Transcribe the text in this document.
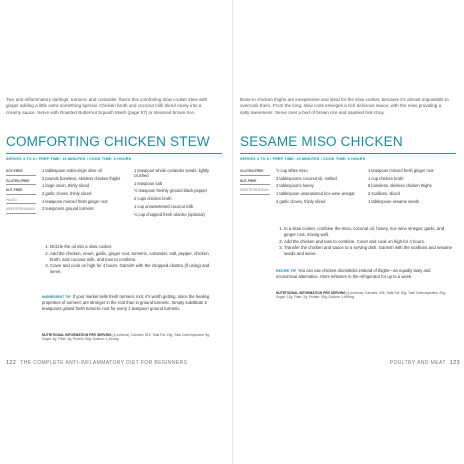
Two anti-inflammatory darlings, turmeric and coriander, flavor this comforting slow cooker stew with ginger adding a little extra something special. Chicken broth and coconut milk blend nicely into a creamy sauce. Serve with Roasted Butternut Squash Mash (page 57) or steamed brown rice.
COMFORTING CHICKEN STEW
SERVES 4 TO 6 / PREP TIME: 15 MINUTES / COOK TIME: 6 HOURS
SOY-FREE
GLUTEN-FREE
NUT-FREE
PALEO
MEDITERRANEAN
1 tablespoon extra-virgin olive oil
3 pounds boneless, skinless chicken thighs
1 large onion, thinly sliced
2 garlic cloves, thinly sliced
1 teaspoon minced fresh ginger root
2 teaspoons ground turmeric
1 teaspoon whole coriander seeds, lightly crushed
1 teaspoon salt
½ teaspoon freshly ground black pepper
2 cups chicken broth
1 cup unsweetened coconut milk
¼ cup chopped fresh cilantro (optional)
1. Drizzle the oil into a slow cooker.
2. Add the chicken, onion, garlic, ginger root, turmeric, coriander, salt, pepper, chicken broth, and coconut milk, and toss to combine.
3. Cover and cook on high for 4 hours. Garnish with the chopped cilantro (if using) and serve.
INGREDIENT TIP If your market sells fresh turmeric root, it's worth getting, since the healing properties of turmeric are stronger in the root than in ground turmeric. Simply substitute 2 teaspoons grated fresh turmeric root for every 1 teaspoon ground turmeric.
NUTRITIONAL INFORMATION PER SERVING (4 portions): Calories: 513; Total Fat: 19g; Total Carbohydrates: 9g; Sugar: 4g; Fiber: 2g; Protein: 68g; Sodium: 1,164mg
122 THE COMPLETE ANTI-INFLAMMATORY DIET FOR BEGINNERS
Bone-in chicken thighs are inexpensive and ideal for the slow cooker, because it's almost impossible to overcook them. From the long, slow cook emerges a rich delicious sauce, with the miso providing a salty sweetness. Serve over a bed of brown rice and sautéed bok choy.
SESAME MISO CHICKEN
SERVES 4 TO 6 / PREP TIME: 15 MINUTES / COOK TIME: 6 HOURS
GLUTEN-FREE
NUT-FREE
MEDITERRANEAN
½ cup white miso
2 tablespoons coconut oil, melted
2 tablespoons honey
1 tablespoon unseasoned rice wine vinegar
2 garlic cloves, thinly sliced
1 teaspoon minced fresh ginger root
1 cup chicken broth
8 boneless, skinless chicken thighs
2 scallions, sliced
1 tablespoon sesame seeds
1. In a slow cooker, combine the miso, coconut oil, honey, rice wine vinegar, garlic, and ginger root, mixing well.
2. Add the chicken and toss to combine. Cover and cook on high for 4 hours.
3. Transfer the chicken and sauce to a serving dish. Garnish with the scallions and sesame seeds and serve.
RECIPE TIP You can use chicken drumsticks instead of thighs—an equally tasty and economical alternative. Store leftovers in the refrigerator for up to a week.
NUTRITIONAL INFORMATION PER SERVING (4 portions): Calories: 494; Total Fat: 20g; Total Carbohydrates: 20g; Sugar: 13g; Fiber: 2g; Protein: 59g; Sodium: 1,690mg
POULTRY AND MEAT 123
